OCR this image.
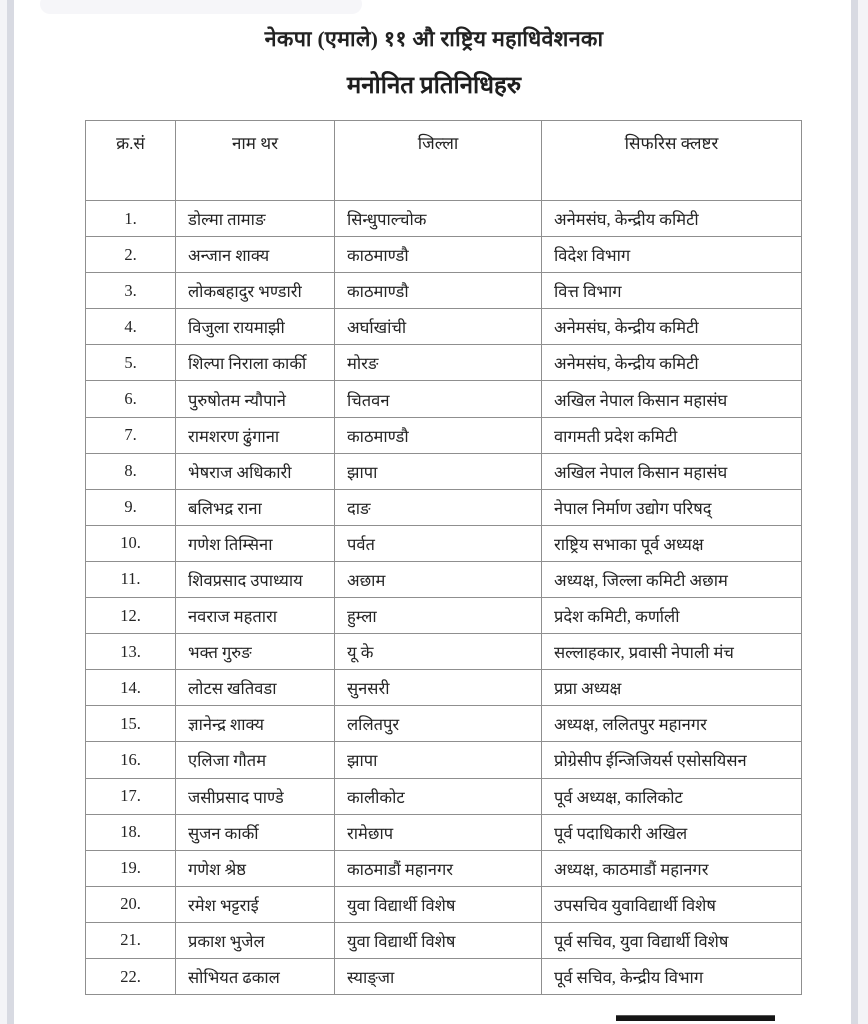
नेकपा (एमाले) ११ औ राष्ट्रिय महाधिवेशनका
मनोनित प्रतिनिधिहरु
क्र.सं	नाम थर	जिल्ला	सिफरिस क्लष्टर
1.	डोल्मा तामाङ	सिन्धुपाल्चोक	अनेमसंघ, केन्द्रीय कमिटी
2.	अन्जान शाक्य	काठमाण्डौ	विदेश विभाग
3.	लोकबहादुर भण्डारी	काठमाण्डौ	वित्त विभाग
4.	विजुला रायमाझी	अर्घाखांची	अनेमसंघ, केन्द्रीय कमिटी
5.	शिल्पा निराला कार्की	मोरङ	अनेमसंघ, केन्द्रीय कमिटी
6.	पुरुषोतम न्यौपाने	चितवन	अखिल नेपाल किसान महासंघ
7.	रामशरण ढुंगाना	काठमाण्डौ	वागमती प्रदेश कमिटी
8.	भेषराज अधिकारी	झापा	अखिल नेपाल किसान महासंघ
9.	बलिभद्र राना	दाङ	नेपाल निर्माण उद्योग परिषद्
10.	गणेश तिम्सिना	पर्वत	राष्ट्रिय सभाका पूर्व अध्यक्ष
11.	शिवप्रसाद उपाध्याय	अछाम	अध्यक्ष, जिल्ला कमिटी अछाम
12.	नवराज महतारा	हुम्ला	प्रदेश कमिटी, कर्णाली
13.	भक्त गुरुङ	यू के	सल्लाहकार, प्रवासी नेपाली मंच
14.	लोटस खतिवडा	सुनसरी	प्रप्रा अध्यक्ष
15.	ज्ञानेन्द्र शाक्य	ललितपुर	अध्यक्ष, ललितपुर महानगर
16.	एलिजा गौतम	झापा	प्रोग्रेसीप ईन्जिजियर्स एसोसयिसन
17.	जसीप्रसाद पाण्डे	कालीकोट	पूर्व अध्यक्ष, कालिकोट
18.	सुजन कार्की	रामेछाप	पूर्व पदाधिकारी अखिल
19.	गणेश श्रेष्ठ	काठमाडौं महानगर	अध्यक्ष, काठमाडौं महानगर
20.	रमेश भट्टराई	युवा विद्यार्थी विशेष	उपसचिव युवाविद्यार्थी विशेष
21.	प्रकाश भुजेल	युवा विद्यार्थी विशेष	पूर्व सचिव, युवा विद्यार्थी विशेष
22.	सोभियत ढकाल	स्याङ्जा	पूर्व सचिव, केन्द्रीय विभाग
